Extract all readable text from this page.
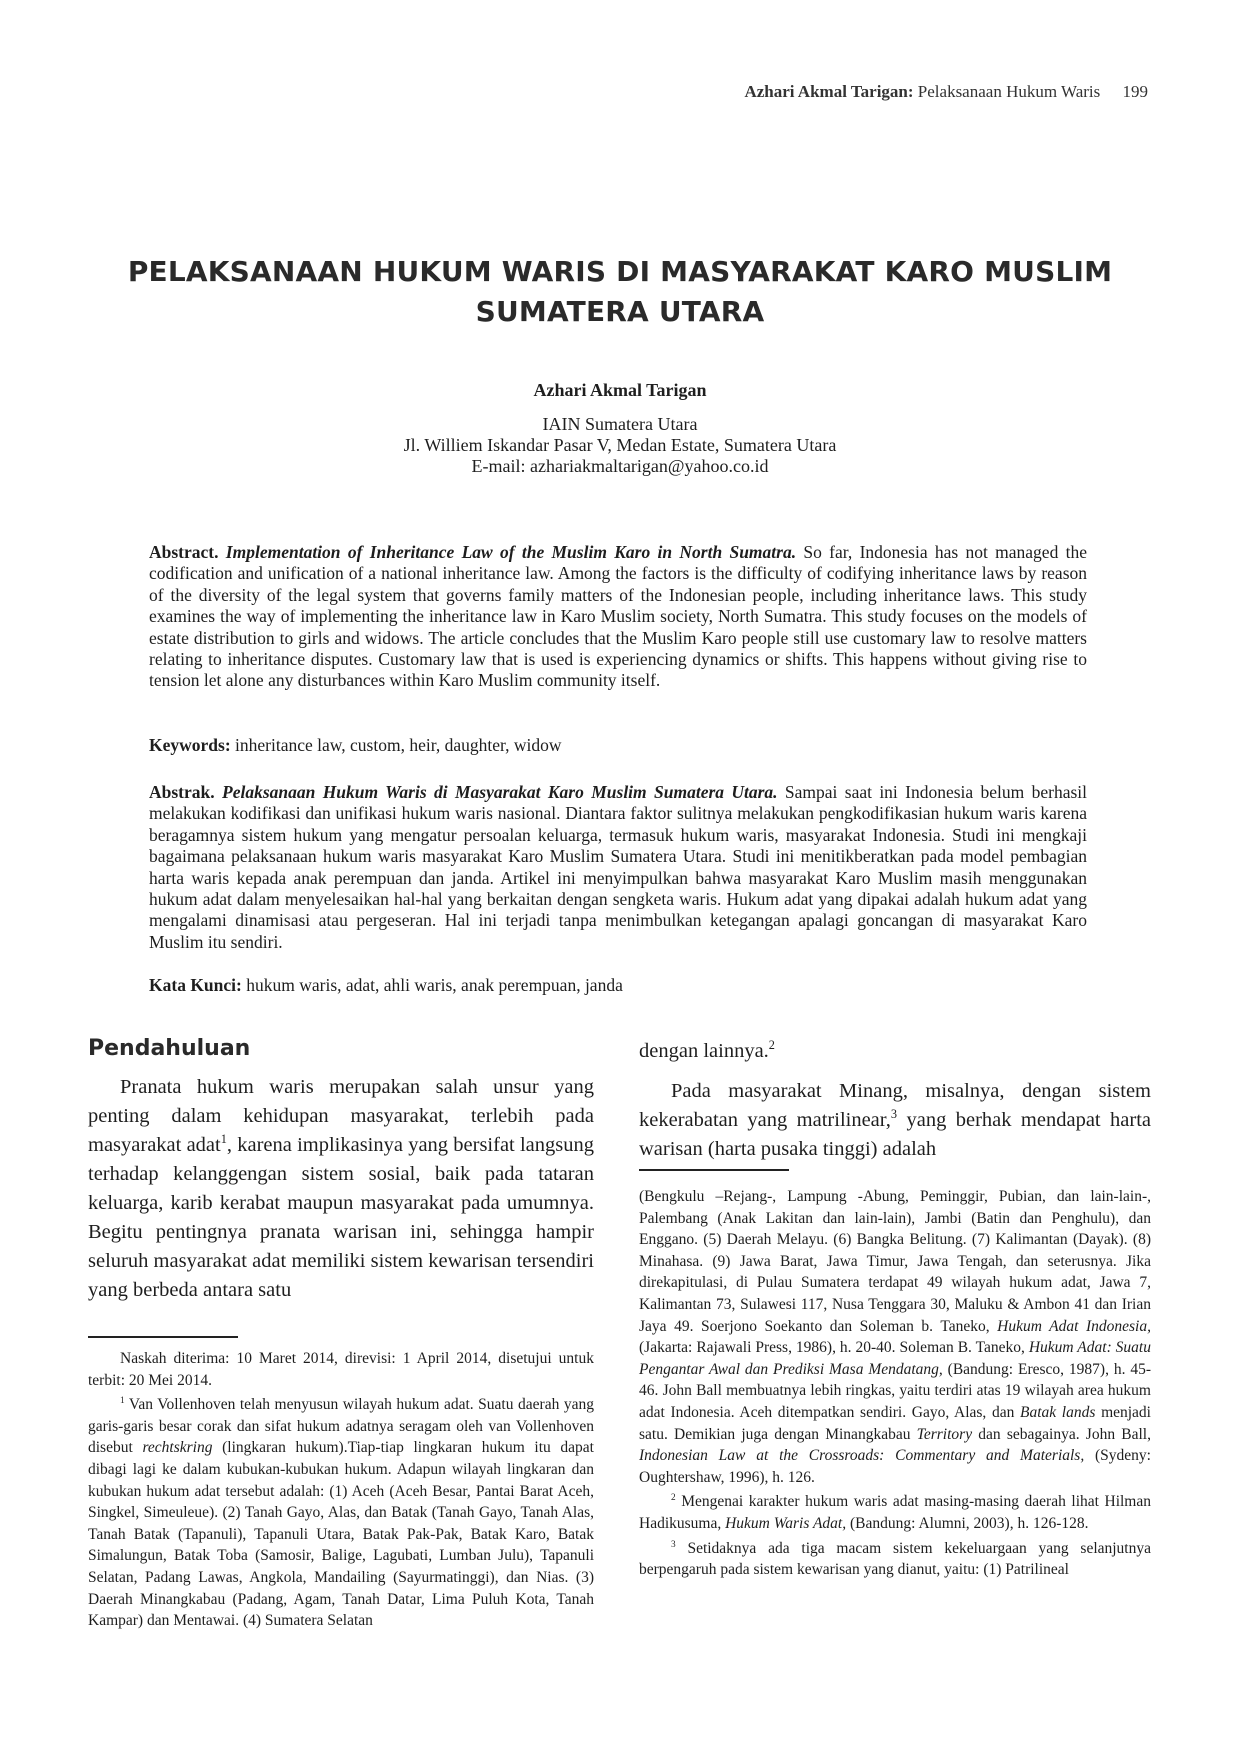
Azhari Akmal Tarigan: Pelaksanaan Hukum Waris 199
PELAKSANAAN HUKUM WARIS DI MASYARAKAT KARO MUSLIM
SUMATERA UTARA
Azhari Akmal Tarigan
IAIN Sumatera Utara
Jl. Williem Iskandar Pasar V, Medan Estate, Sumatera Utara
E-mail: azhariakmaltarigan@yahoo.co.id
Abstract. Implementation of Inheritance Law of the Muslim Karo in North Sumatra. So far, Indonesia has not managed the codification and unification of a national inheritance law. Among the factors is the difficulty of codifying inheritance laws by reason of the diversity of the legal system that governs family matters of the Indonesian people, including inheritance laws. This study examines the way of implementing the inheritance law in Karo Muslim society, North Sumatra. This study focuses on the models of estate distribution to girls and widows. The article concludes that the Muslim Karo people still use customary law to resolve matters relating to inheritance disputes. Customary law that is used is experiencing dynamics or shifts. This happens without giving rise to tension let alone any disturbances within Karo Muslim community itself.
Keywords: inheritance law, custom, heir, daughter, widow
Abstrak. Pelaksanaan Hukum Waris di Masyarakat Karo Muslim Sumatera Utara. Sampai saat ini Indonesia belum berhasil melakukan kodifikasi dan unifikasi hukum waris nasional. Diantara faktor sulitnya melakukan pengkodifikasian hukum waris karena beragamnya sistem hukum yang mengatur persoalan keluarga, termasuk hukum waris, masyarakat Indonesia. Studi ini mengkaji bagaimana pelaksanaan hukum waris masyarakat Karo Muslim Sumatera Utara. Studi ini menitikberatkan pada model pembagian harta waris kepada anak perempuan dan janda. Artikel ini menyimpulkan bahwa masyarakat Karo Muslim masih menggunakan hukum adat dalam menyelesaikan hal-hal yang berkaitan dengan sengketa waris. Hukum adat yang dipakai adalah hukum adat yang mengalami dinamisasi atau pergeseran. Hal ini terjadi tanpa menimbulkan ketegangan apalagi goncangan di masyarakat Karo Muslim itu sendiri.
Kata Kunci: hukum waris, adat, ahli waris, anak perempuan, janda
Pendahuluan
Pranata hukum waris merupakan salah unsur yang penting dalam kehidupan masyarakat, terlebih pada masyarakat adat$^1$, karena implikasinya yang bersifat langsung terhadap kelanggengan sistem sosial, baik pada tataran keluarga, karib kerabat maupun masyarakat pada umumnya. Begitu pentingnya pranata warisan ini, sehingga hampir seluruh masyarakat adat memiliki sistem kewarisan tersendiri yang berbeda antara satu

Naskah diterima: 10 Maret 2014, direvisi: 1 April 2014, disetujui untuk terbit: 20 Mei 2014.

$^1$ Van Vollenhoven telah menyusun wilayah hukum adat. Suatu daerah yang garis-garis besar corak dan sifat hukum adatnya seragam oleh van Vollenhoven disebut rechtskring (lingkaran hukum).Tiap-tiap lingkaran hukum itu dapat dibagi lagi ke dalam kubukan-kubukan hukum. Adapun wilayah lingkaran dan kubukan hukum adat tersebut adalah: (1) Aceh (Aceh Besar, Pantai Barat Aceh, Singkel, Simeuleue). (2) Tanah Gayo, Alas, dan Batak (Tanah Gayo, Tanah Alas, Tanah Batak (Tapanuli), Tapanuli Utara, Batak Pak-Pak, Batak Karo, Batak Simalungun, Batak Toba (Samosir, Balige, Lagubati, Lumban Julu), Tapanuli Selatan, Padang Lawas, Angkola, Mandailing (Sayurmatinggi), dan Nias. (3) Daerah Minangkabau (Padang, Agam, Tanah Datar, Lima Puluh Kota, Tanah Kampar) dan Mentawai. (4) Sumatera Selatan

dengan lainnya.$^2$
Pada masyarakat Minang, misalnya, dengan sistem kekerabatan yang matrilinear,$^3$ yang berhak mendapat harta warisan (harta pusaka tinggi) adalah

(Bengkulu –Rejang-, Lampung -Abung, Peminggir, Pubian, dan lain-lain-, Palembang (Anak Lakitan dan lain-lain), Jambi (Batin dan Penghulu), dan Enggano. (5) Daerah Melayu. (6) Bangka Belitung. (7) Kalimantan (Dayak). (8) Minahasa. (9) Jawa Barat, Jawa Timur, Jawa Tengah, dan seterusnya. Jika direkapitulasi, di Pulau Sumatera terdapat 49 wilayah hukum adat, Jawa 7, Kalimantan 73, Sulawesi 117, Nusa Tenggara 30, Maluku & Ambon 41 dan Irian Jaya 49. Soerjono Soekanto dan Soleman b. Taneko, Hukum Adat Indonesia, (Jakarta: Rajawali Press, 1986), h. 20-40. Soleman B. Taneko, Hukum Adat: Suatu Pengantar Awal dan Prediksi Masa Mendatang, (Bandung: Eresco, 1987), h. 45-46. John Ball membuatnya lebih ringkas, yaitu terdiri atas 19 wilayah area hukum adat Indonesia. Aceh ditempatkan sendiri. Gayo, Alas, dan Batak lands menjadi satu. Demikian juga dengan Minangkabau Territory dan sebagainya. John Ball, Indonesian Law at the Crossroads: Commentary and Materials, (Sydeny: Oughtershaw, 1996), h. 126.

$^2$ Mengenai karakter hukum waris adat masing-masing daerah lihat Hilman Hadikusuma, Hukum Waris Adat, (Bandung: Alumni, 2003), h. 126-128.

$^3$ Setidaknya ada tiga macam sistem kekeluargaan yang selanjutnya berpengaruh pada sistem kewarisan yang dianut, yaitu: (1) Patrilineal
